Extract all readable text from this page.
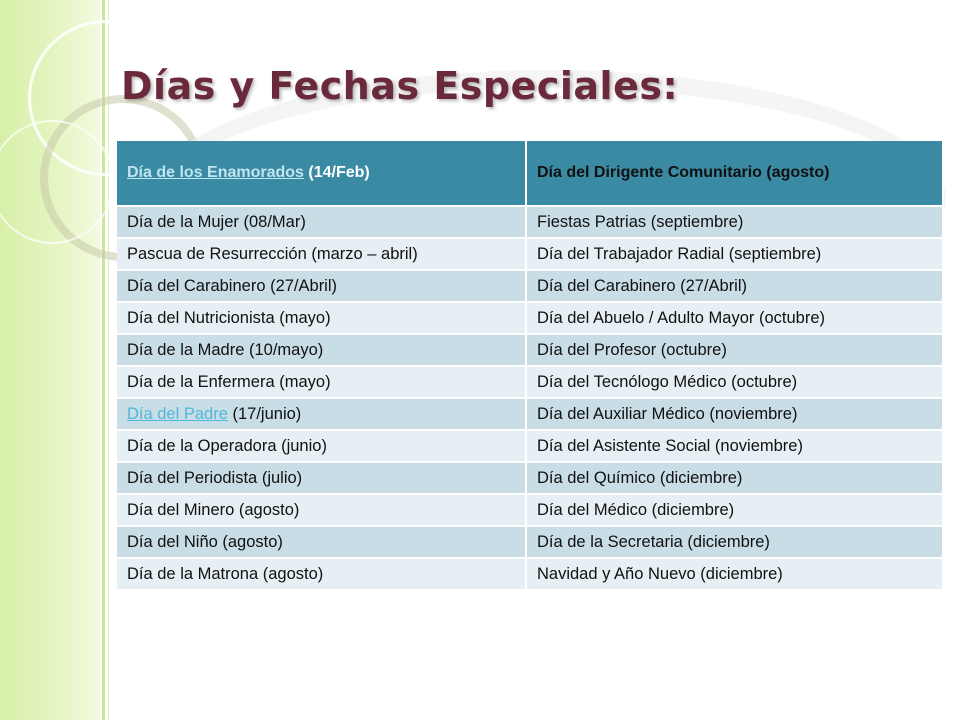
Días y Fechas Especiales:
Día de los Enamorados (14/Feb)	Día del Dirigente Comunitario (agosto)
Día de la Mujer (08/Mar)	Fiestas Patrias (septiembre)
Pascua de Resurrección (marzo – abril)	Día del Trabajador Radial (septiembre)
Día del Carabinero (27/Abril)	Día del Carabinero (27/Abril)
Día del Nutricionista (mayo)	Día del Abuelo / Adulto Mayor (octubre)
Día de la Madre (10/mayo)	Día del Profesor (octubre)
Día de la Enfermera (mayo)	Día del Tecnólogo Médico (octubre)
Día del Padre (17/junio)	Día del Auxiliar Médico (noviembre)
Día de la Operadora (junio)	Día del Asistente Social (noviembre)
Día del Periodista (julio)	Día del Químico (diciembre)
Día del Minero (agosto)	Día del Médico (diciembre)
Día del Niño (agosto)	Día de la Secretaria (diciembre)
Día de la Matrona (agosto)	Navidad y Año Nuevo (diciembre)
